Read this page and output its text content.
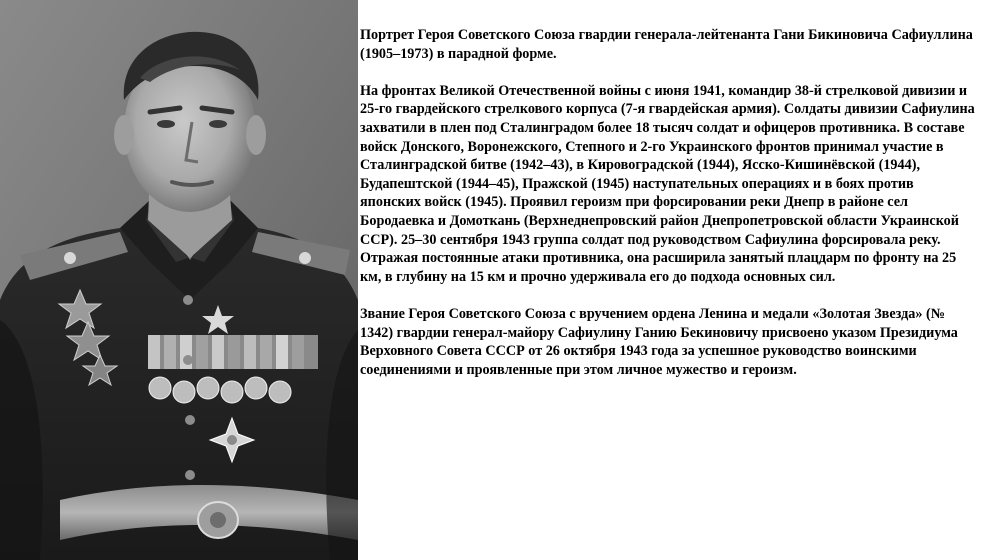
Портрет Героя Советского Союза гвардии генерала-лейтенанта Гани Бикиновича Сафиуллина (1905–1973) в парадной форме.

На фронтах Великой Отечественной войны с июня 1941, командир 38-й стрелковой дивизии и 25-го гвардейского стрелкового корпуса (7-я гвардейская армия). Солдаты дивизии Сафиулина захватили в плен под Сталинградом более 18 тысяч солдат и офицеров противника. В составе войск Донского, Воронежского, Степного и 2-го Украинского фронтов принимал участие в Сталинградской битве (1942–43), в Кировоградской (1944), Ясско-Кишинёвской (1944), Будапештской (1944–45), Пражской (1945) наступательных операциях и в боях против японских войск (1945). Проявил героизм при форсировании реки Днепр в районе сел Бородаевка и Домоткань (Верхнеднепровский район Днепропетровской области Украинской ССР). 25–30 сентября 1943 группа солдат под руководством Сафиулина форсировала реку. Отражая постоянные атаки противника, она расширила занятый плацдарм по фронту на 25 км, в глубину на 15 км и прочно удерживала его до подхода основных сил.

Звание Героя Советского Союза с вручением ордена Ленина и медали «Золотая Звезда» (№ 1342) гвардии генерал-майору Сафиулину Ганию Бекиновичу присвоено указом Президиума Верховного Совета СССР от 26 октября 1943 года за успешное руководство воинскими соединениями и проявленные при этом личное мужество и героизм.
